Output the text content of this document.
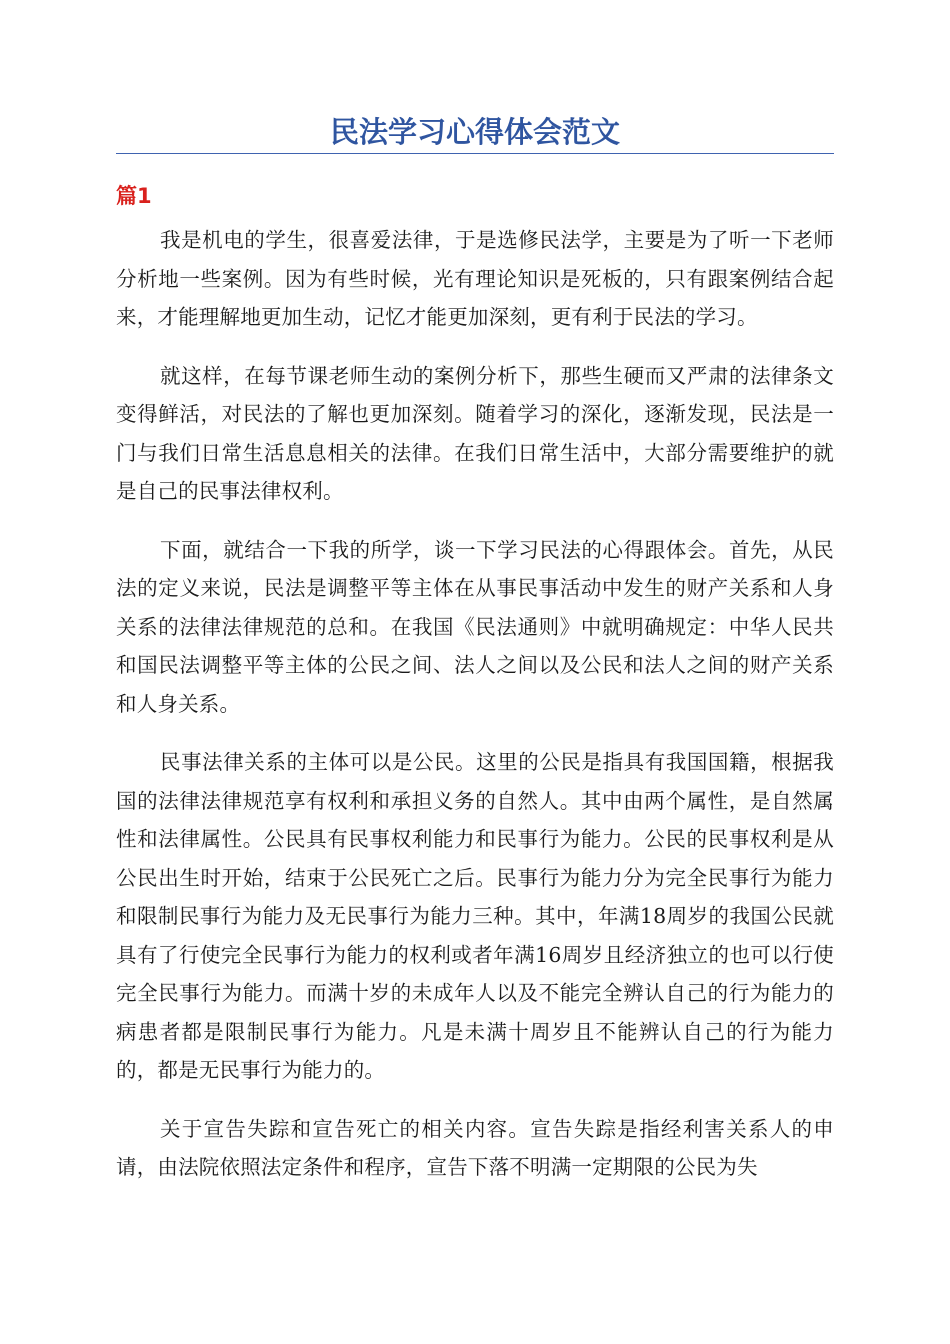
民法学习心得体会范文
篇1

我是机电的学生，很喜爱法律，于是选修民法学，主要是为了听一下老师分析地一些案例。因为有些时候，光有理论知识是死板的，只有跟案例结合起来，才能理解地更加生动，记忆才能更加深刻，更有利于民法的学习。

就这样，在每节课老师生动的案例分析下，那些生硬而又严肃的法律条文变得鲜活，对民法的了解也更加深刻。随着学习的深化，逐渐发现，民法是一门与我们日常生活息息相关的法律。在我们日常生活中，大部分需要维护的就是自己的民事法律权利。

下面，就结合一下我的所学，谈一下学习民法的心得跟体会。首先，从民法的定义来说，民法是调整平等主体在从事民事活动中发生的财产关系和人身关系的法律法律规范的总和。在我国《民法通则》中就明确规定：中华人民共和国民法调整平等主体的公民之间、法人之间以及公民和法人之间的财产关系和人身关系。

民事法律关系的主体可以是公民。这里的公民是指具有我国国籍，根据我国的法律法律规范享有权利和承担义务的自然人。其中由两个属性，是自然属性和法律属性。公民具有民事权利能力和民事行为能力。公民的民事权利是从公民出生时开始，结束于公民死亡之后。民事行为能力分为完全民事行为能力和限制民事行为能力及无民事行为能力三种。其中，年满18周岁的我国公民就具有了行使完全民事行为能力的权利或者年满16周岁且经济独立的也可以行使完全民事行为能力。而满十岁的未成年人以及不能完全辨认自己的行为能力的病患者都是限制民事行为能力。凡是未满十周岁且不能辨认自己的行为能力的，都是无民事行为能力的。

关于宣告失踪和宣告死亡的相关内容。宣告失踪是指经利害关系人的申请，由法院依照法定条件和程序，宣告下落不明满一定期限的公民为失
